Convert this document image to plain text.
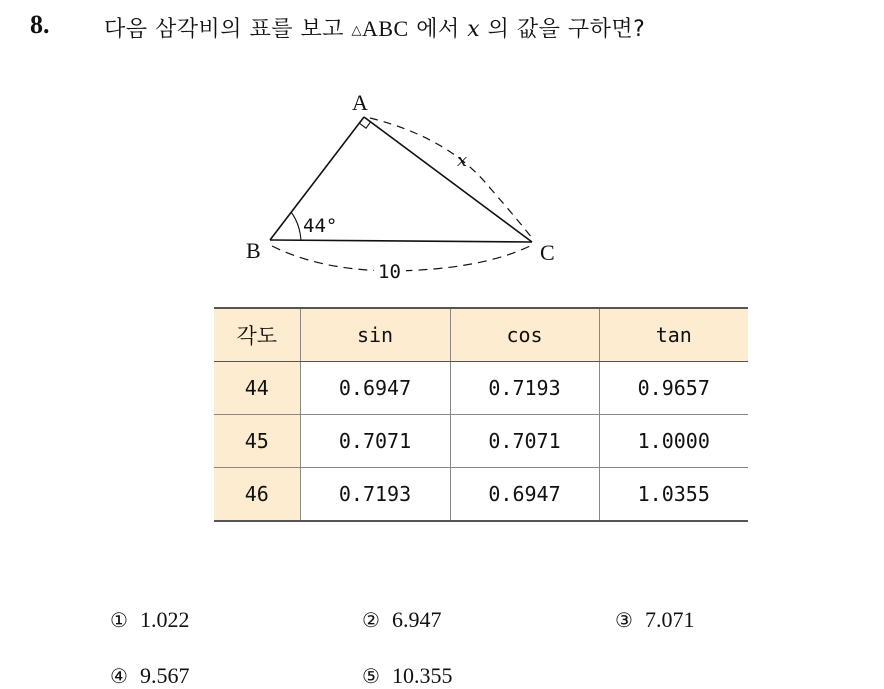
8. 다음 삼각비의 표를 보고 △ABC 에서 x 의 값을 구하면?
A
B	C
44°
10
x
각도	sin	cos	tan
44	0.6947	0.7193	0.9657
45	0.7071	0.7071	1.0000
46	0.7193	0.6947	1.0355
① 1.022	② 6.947	③ 7.071
④ 9.567	⑤ 10.355
